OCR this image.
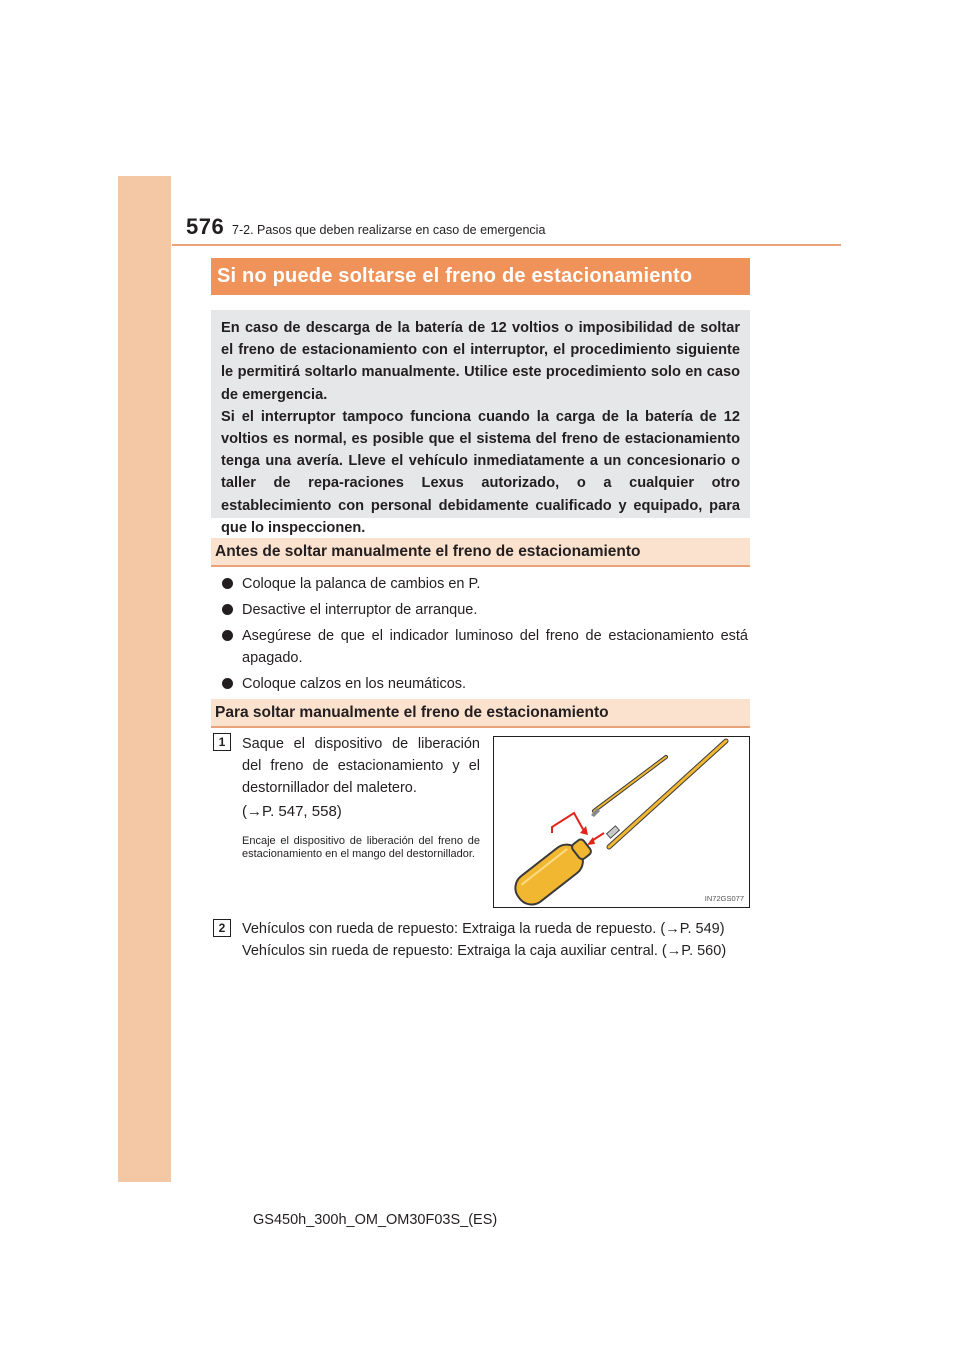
576 7-2. Pasos que deben realizarse en caso de emergencia
Si no puede soltarse el freno de estacionamiento

En caso de descarga de la batería de 12 voltios o imposibilidad de soltar el freno de estacionamiento con el interruptor, el procedimiento siguiente le permitirá soltarlo manualmente. Utilice este procedimiento solo en caso de emergencia.

Si el interruptor tampoco funciona cuando la carga de la batería de 12 voltios es normal, es posible que el sistema del freno de estacionamiento tenga una avería. Lleve el vehículo inmediatamente a un concesionario o taller de repa-raciones Lexus autorizado, o a cualquier otro establecimiento con personal debidamente cualificado y equipado, para que lo inspeccionen.

Antes de soltar manualmente el freno de estacionamiento
Coloque la palanca de cambios en P.
Desactive el interruptor de arranque.
Asegúrese de que el indicador luminoso del freno de estacionamiento está apagado.
Coloque calzos en los neumáticos.
Para soltar manualmente el freno de estacionamiento
1	Saque el dispositivo de liberación del freno de estacionamiento y el destornillador del maletero.

(→P. 547, 558)

Encaje el dispositivo de liberación del freno de estacionamiento en el mango del destornillador.

IN72GS077
2	Vehículos con rueda de repuesto: Extraiga la rueda de repuesto. (→P. 549)

Vehículos sin rueda de repuesto: Extraiga la caja auxiliar central. (→P. 560)

GS450h_300h_OM_OM30F03S_(ES)
